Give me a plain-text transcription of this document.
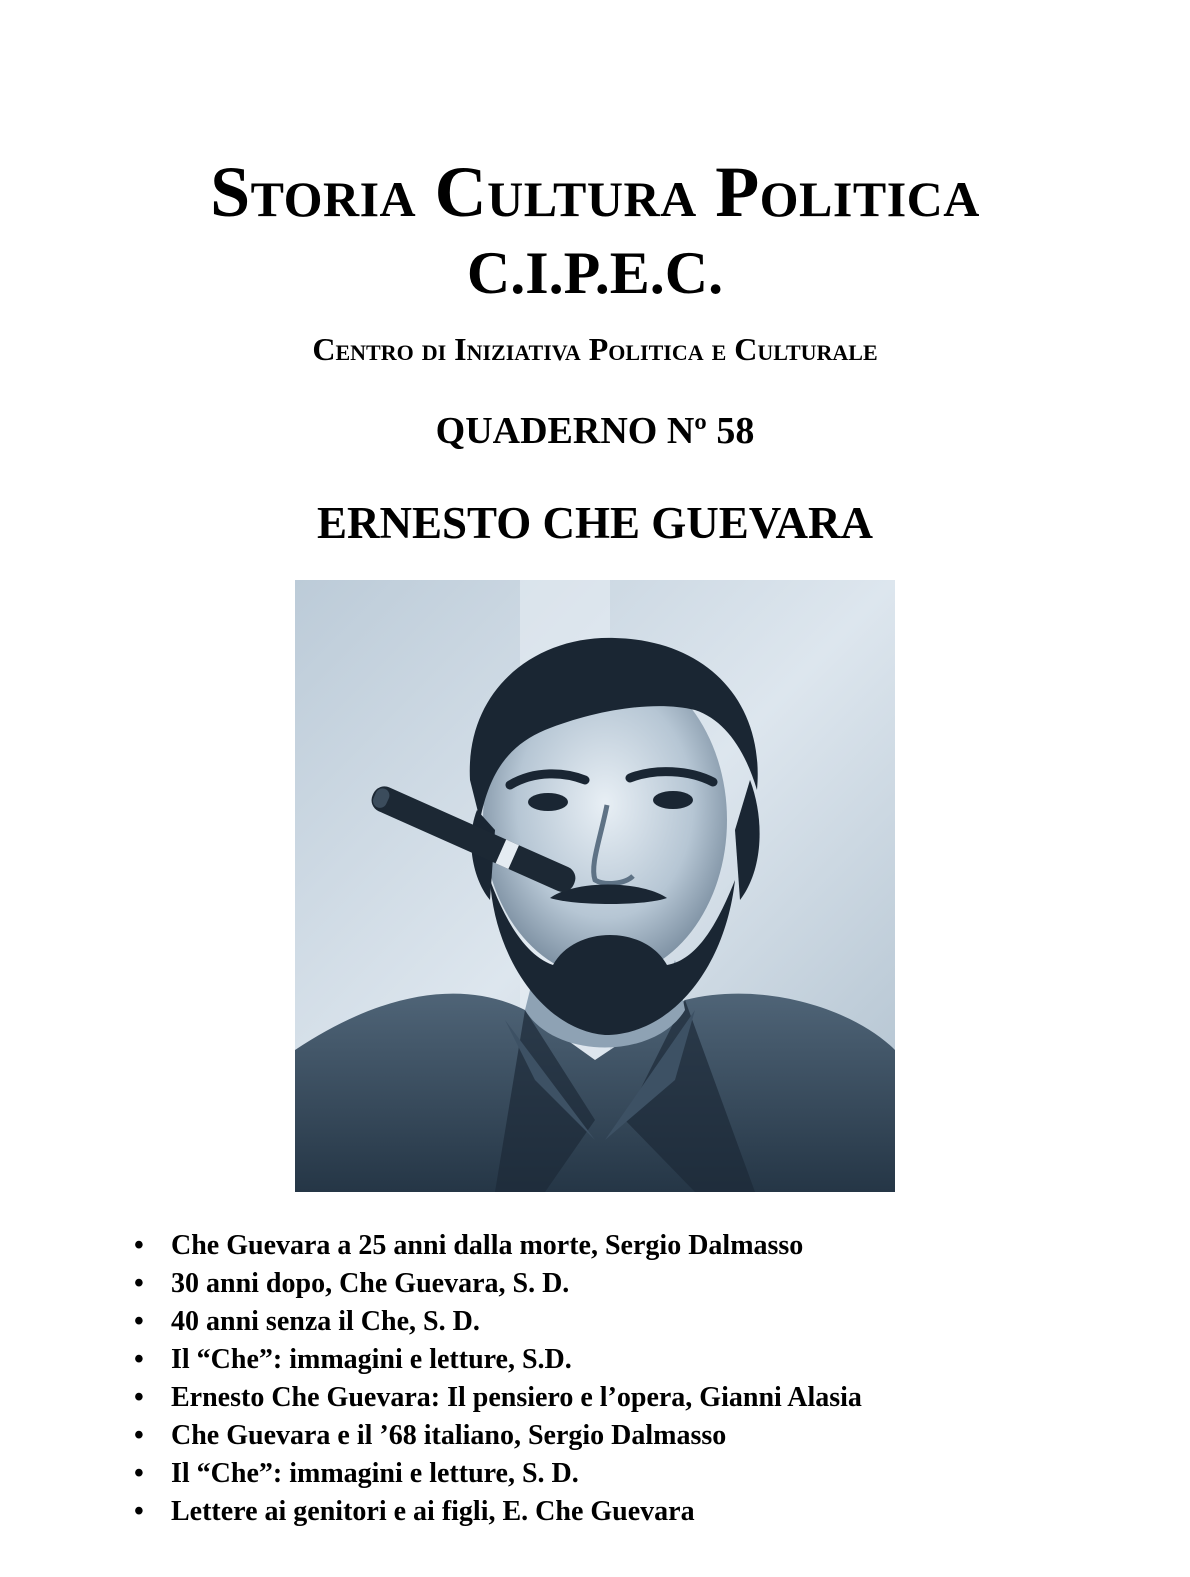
Storia Cultura Politica
C.I.P.E.C.

Centro di Iniziativa Politica e Culturale

QUADERNO Nº 58

ERNESTO CHE GUEVARA
• Che Guevara a 25 anni dalla morte, Sergio Dalmasso
• 30 anni dopo, Che Guevara, S. D.
• 40 anni senza il Che, S. D.
• Il “Che”: immagini e letture, S.D.
• Ernesto Che Guevara: Il pensiero e l’opera, Gianni Alasia
• Che Guevara e il ’68 italiano, Sergio Dalmasso
• Il “Che”: immagini e letture, S. D.
• Lettere ai genitori e ai figli, E. Che Guevara
